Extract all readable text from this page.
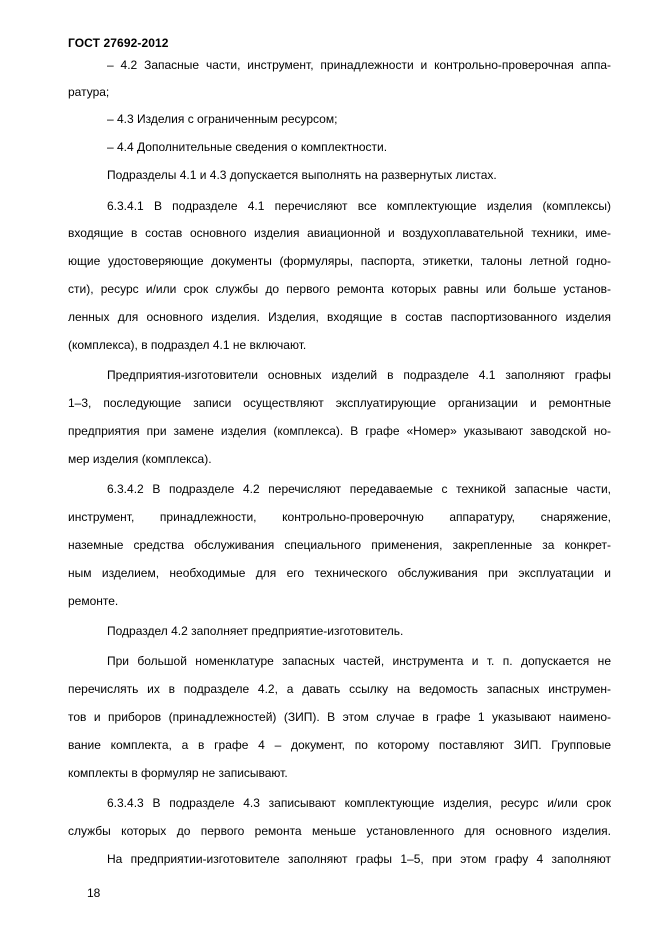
ГОСТ 27692-2012
– 4.2 Запасные части, инструмент, принадлежности и контрольно-проверочная аппа-
ратура;
– 4.3 Изделия с ограниченным ресурсом;
– 4.4 Дополнительные сведения о комплектности.
Подразделы 4.1 и 4.3 допускается выполнять на развернутых листах.
6.3.4.1 В подразделе 4.1 перечисляют все комплектующие изделия (комплексы)
входящие в состав основного изделия авиационной и воздухоплавательной техники, име-
ющие удостоверяющие документы (формуляры, паспорта, этикетки, талоны летной годно-
сти), ресурс и/или срок службы до первого ремонта которых равны или больше установ-
ленных для основного изделия. Изделия, входящие в состав паспортизованного изделия
(комплекса), в подраздел 4.1 не включают.
Предприятия-изготовители основных изделий в подразделе 4.1 заполняют графы
1–3, последующие записи осуществляют эксплуатирующие организации и ремонтные
предприятия при замене изделия (комплекса). В графе «Номер» указывают заводской но-
мер изделия (комплекса).
6.3.4.2 В подразделе 4.2 перечисляют передаваемые с техникой запасные части,
инструмент, принадлежности, контрольно-проверочную аппаратуру, снаряжение,
наземные средства обслуживания специального применения, закрепленные за конкрет-
ным изделием, необходимые для его технического обслуживания при эксплуатации и
ремонте.
Подраздел 4.2 заполняет предприятие-изготовитель.
При большой номенклатуре запасных частей, инструмента и т. п. допускается не
перечислять их в подразделе 4.2, а давать ссылку на ведомость запасных инструмен-
тов и приборов (принадлежностей) (ЗИП). В этом случае в графе 1 указывают наимено-
вание комплекта, а в графе 4 – документ, по которому поставляют ЗИП. Групповые
комплекты в формуляр не записывают.
6.3.4.3 В подразделе 4.3 записывают комплектующие изделия, ресурс и/или срок
службы которых до первого ремонта меньше установленного для основного изделия.
На предприятии-изготовителе заполняют графы 1–5, при этом графу 4 заполняют
18
